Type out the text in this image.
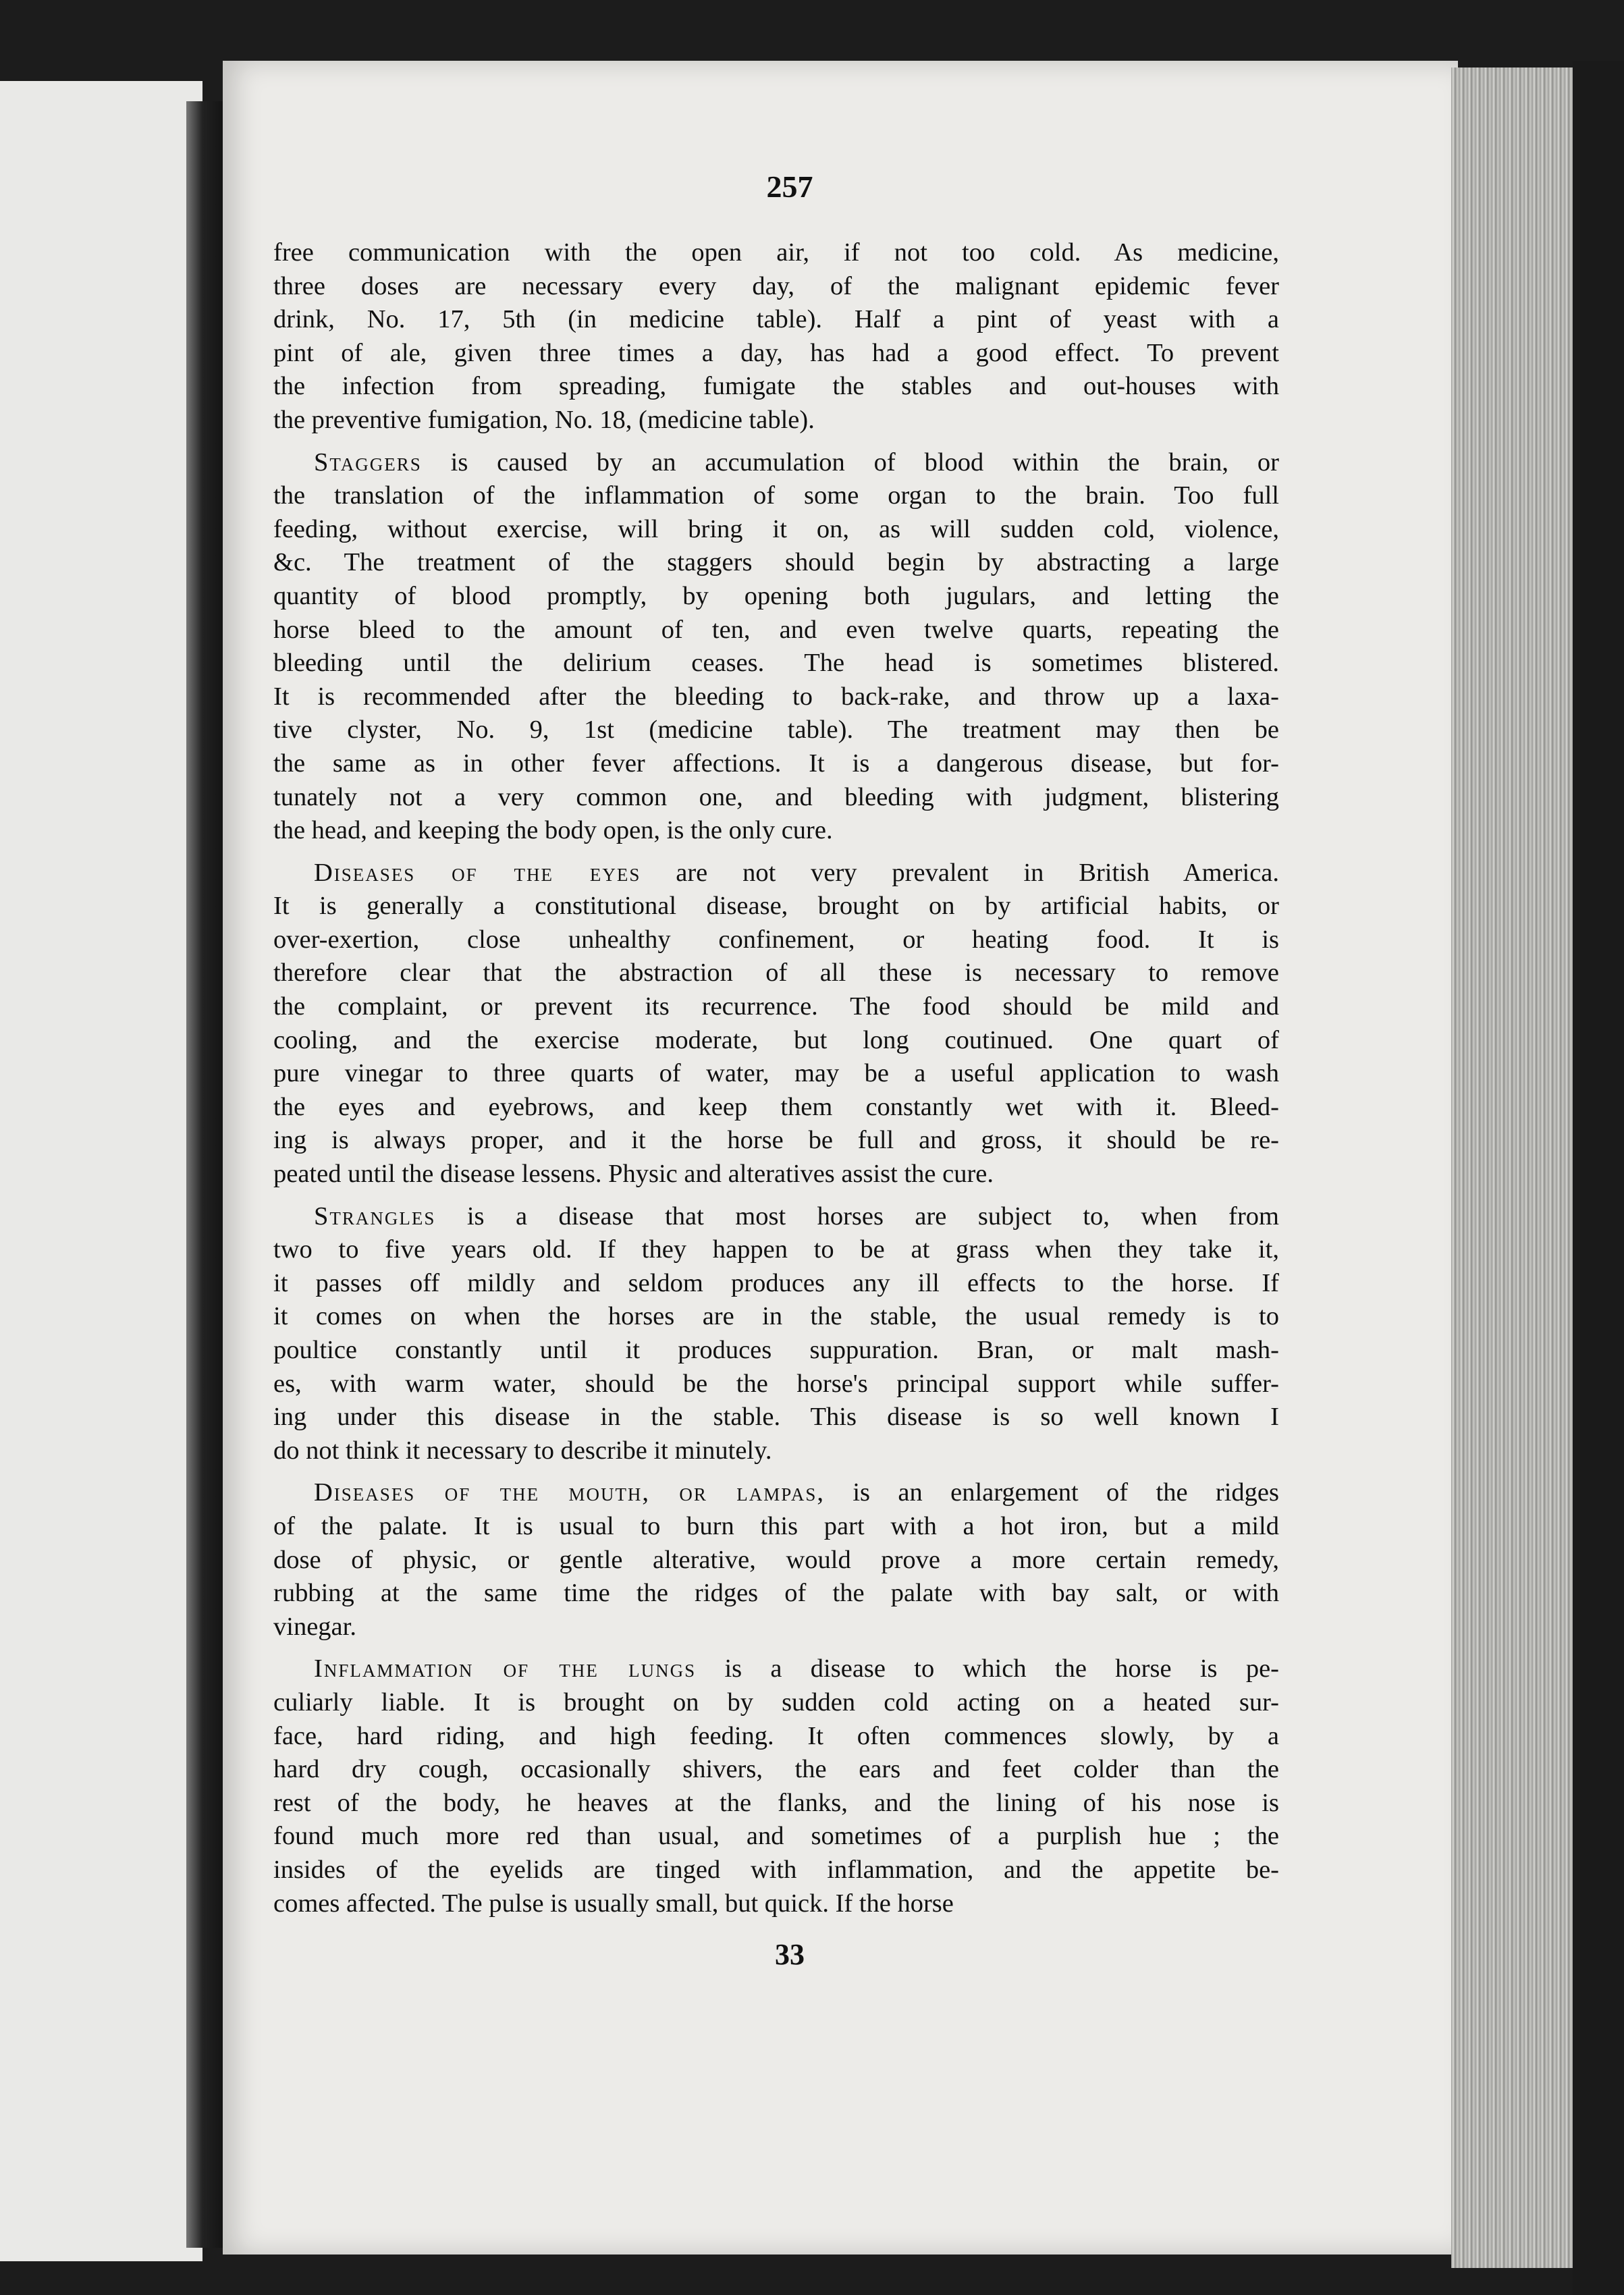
257
free communication with the open air, if not too cold. As medicine,
three doses are necessary every day, of the malignant epidemic fever
drink, No. 17, 5th (in medicine table). Half a pint of yeast with a
pint of ale, given three times a day, has had a good effect. To prevent
the infection from spreading, fumigate the stables and out-houses with
the preventive fumigation, No. 18, (medicine table).
Staggers is caused by an accumulation of blood within the brain, or
the translation of the inflammation of some organ to the brain. Too full
feeding, without exercise, will bring it on, as will sudden cold, violence,
&c. The treatment of the staggers should begin by abstracting a large
quantity of blood promptly, by opening both jugulars, and letting the
horse bleed to the amount of ten, and even twelve quarts, repeating the
bleeding until the delirium ceases. The head is sometimes blistered.
It is recommended after the bleeding to back-rake, and throw up a laxa-
tive clyster, No. 9, 1st (medicine table). The treatment may then be
the same as in other fever affections. It is a dangerous disease, but for-
tunately not a very common one, and bleeding with judgment, blistering
the head, and keeping the body open, is the only cure.
Diseases of the eyes are not very prevalent in British America.
It is generally a constitutional disease, brought on by artificial habits, or
over-exertion, close unhealthy confinement, or heating food. It is
therefore clear that the abstraction of all these is necessary to remove
the complaint, or prevent its recurrence. The food should be mild and
cooling, and the exercise moderate, but long coutinued. One quart of
pure vinegar to three quarts of water, may be a useful application to wash
the eyes and eyebrows, and keep them constantly wet with it. Bleed-
ing is always proper, and it the horse be full and gross, it should be re-
peated until the disease lessens. Physic and alteratives assist the cure.
Strangles is a disease that most horses are subject to, when from
two to five years old. If they happen to be at grass when they take it,
it passes off mildly and seldom produces any ill effects to the horse. If
it comes on when the horses are in the stable, the usual remedy is to
poultice constantly until it produces suppuration. Bran, or malt mash-
es, with warm water, should be the horse's principal support while suffer-
ing under this disease in the stable. This disease is so well known I
do not think it necessary to describe it minutely.
Diseases of the mouth, or lampas, is an enlargement of the ridges
of the palate. It is usual to burn this part with a hot iron, but a mild
dose of physic, or gentle alterative, would prove a more certain remedy,
rubbing at the same time the ridges of the palate with bay salt, or with
vinegar.
Inflammation of the lungs is a disease to which the horse is pe-
culiarly liable. It is brought on by sudden cold acting on a heated sur-
face, hard riding, and high feeding. It often commences slowly, by a
hard dry cough, occasionally shivers, the ears and feet colder than the
rest of the body, he heaves at the flanks, and the lining of his nose is
found much more red than usual, and sometimes of a purplish hue ; the
insides of the eyelids are tinged with inflammation, and the appetite be-
comes affected. The pulse is usually small, but quick. If the horse
33
